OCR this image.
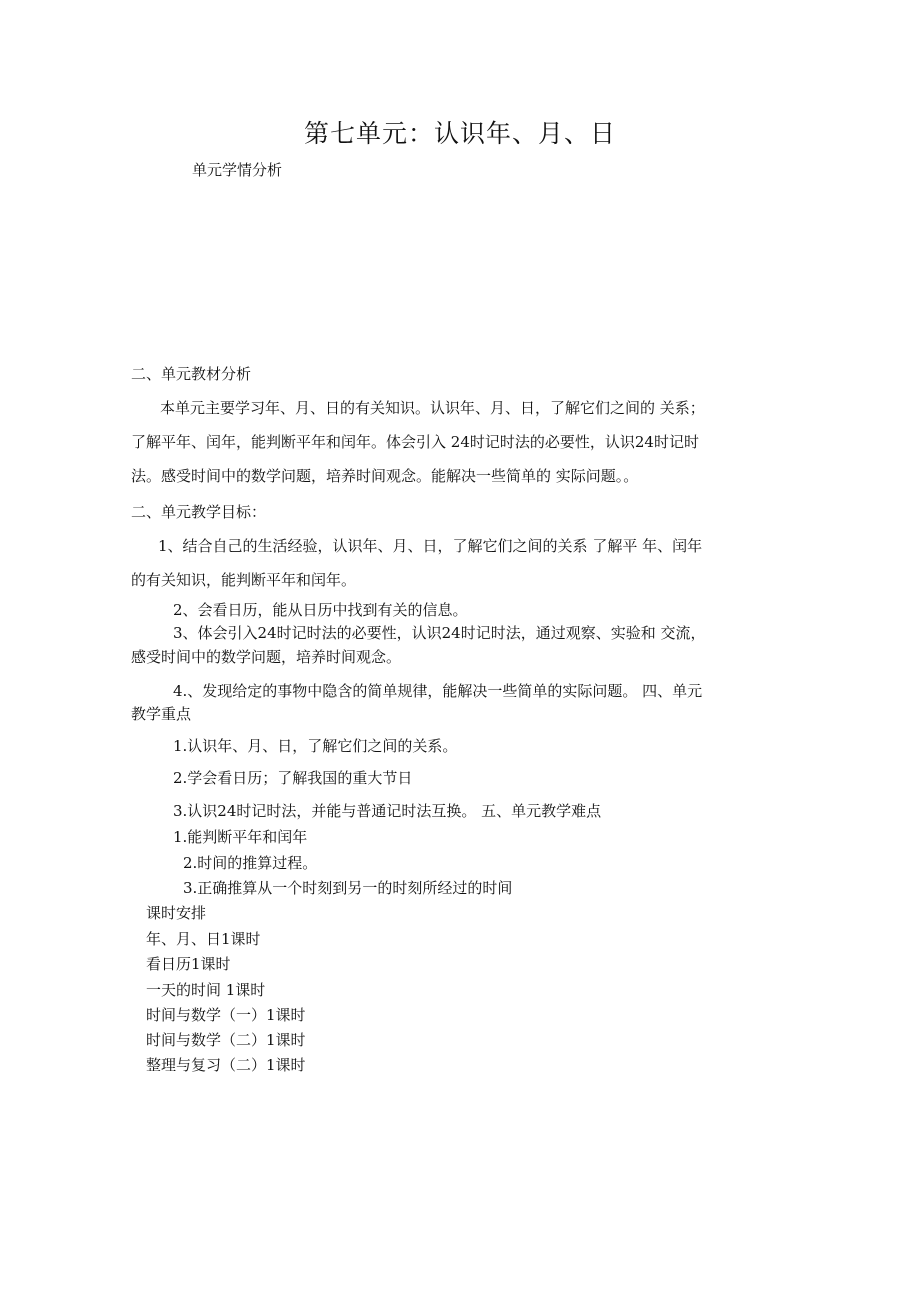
第七单元：认识年、月、日
单元学情分析
二、单元教材分析
本单元主要学习年、月、日的有关知识。认识年、月、日，了解它们之间的 关系；
了解平年、闰年，能判断平年和闰年。体会引入 24时记时法的必要性，认识24时记时
法。感受时间中的数学问题，培养时间观念。能解决一些简单的 实际问题。。
二、单元教学目标：
1、结合自己的生活经验，认识年、月、日，了解它们之间的关系 了解平 年、闰年
的有关知识，能判断平年和闰年。
2、会看日历，能从日历中找到有关的信息。
3、体会引入24时记时法的必要性，认识24时记时法，通过观察、实验和 交流，
感受时间中的数学问题，培养时间观念。
4.、发现给定的事物中隐含的简单规律，能解决一些简单的实际问题。 四、单元
教学重点
1.认识年、月、日，了解它们之间的关系。
2.学会看日历；了解我国的重大节日
3.认识24时记时法，并能与普通记时法互换。 五、单元教学难点
1.能判断平年和闰年
2.时间的推算过程。
3.正确推算从一个时刻到另一的时刻所经过的时间
课时安排
年、月、日1课时
看日历1课时
一天的时间 1课时
时间与数学（一）1课时
时间与数学（二）1课时
整理与复习（二）1课时
